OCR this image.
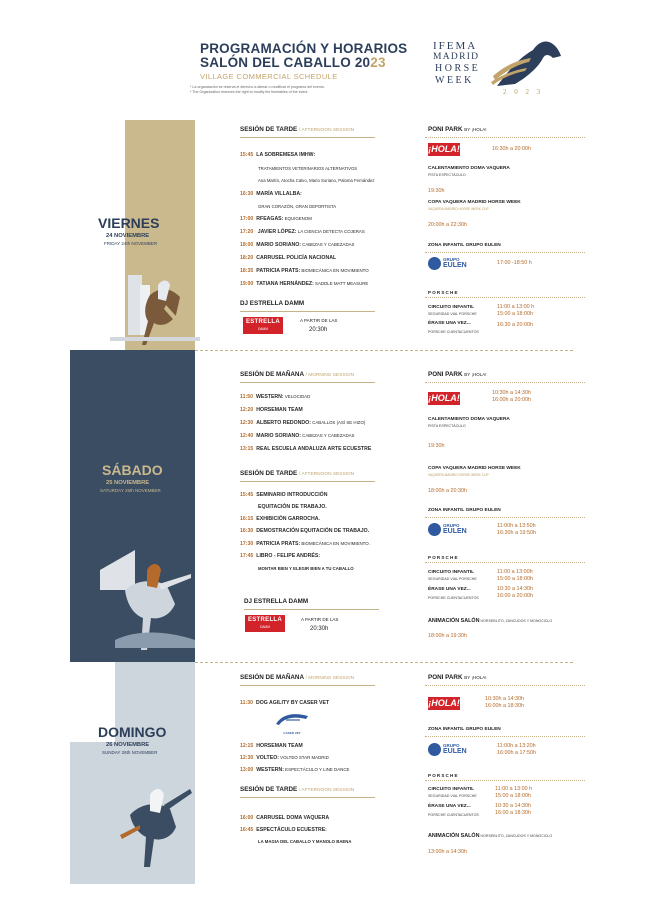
PROGRAMACIÓN Y HORARIOS
SALÓN DEL CABALLO 2023
VILLAGE COMMERCIAL SCHEDULE
* La organización se reserva el derecho a alterar o modificar el programa del evento.
* The Organization reserves the right to modify the timetables of the event.
IFEMA
MADRID
HORSE
WEEK
2 0 2 3
VIERNES
24 NOVIEMBRE
FRIDAY 24th NOVEMBER
SÁBADO
25 NOVIEMBRE
SATURDAY 25th NOVEMBER
DOMINGO
26 NOVIEMBRE
SUNDAY 26th NOVEMBER
SESIÓN DE TARDE / AFTERNOON SESSION
15:45 LA SOBREMESA IMHW:
TRATAMIENTOS VETERINARIOS ALTERNATIVOS
Ana Martín, Atocha Calvo, Mario Soriano, Paloma Fernández
16:30 MARÍA VILLALBA:
GRAN CORAZÓN, GRAN DEPORTISTA
17:00 RFEAGAS: EQUIGENOM
17:20 JAVIER LÓPEZ: LA CIENCIA DETECTA COJERAS
18:00 MARIO SORIANO: CABEZAS Y CABEZADAS
18:20 CARRUSEL POLICÍA NACIONAL
18:35 PATRICIA PRATS: BIOMECÁNICA EN MOVIMIENTO
19:00 TATIANA HERNÁNDEZ: SADDLE MATT MEASURE
DJ ESTRELLA DAMM
ESTRELLA
DAMM
A PARTIR DE LAS
20:30h
PONI PARK BY ¡HOLA!
¡HOLA!	16:30h a 20:00h
CALENTAMIENTO DOMA VAQUERA
PISTA ESPECTÁCULO
19:30h
COPA VAQUERA MADRID HORSE WEEK
VAQUERA MADRID HORSE WEEK CUP
20:00h a 22:30h
ZONA INFANTIL GRUPO EULEN
GRUPO
EULEN	17:00 -18:50 h
PORSCHE
CIRCUITO INFANTIL
SEGURIDAD VIAL PORSCHE
11:00 a 13:00 h
15:00 a 18:00h
ÉRASE UNA VEZ...
PORSCHE CUENTACUENTOS
16:30 a 20:00h
SESIÓN DE MAÑANA / MORNING SESSION
11:50 WESTERN: VELOCIDAD
12:20 HORSEMAN TEAM
12:30 ALBERTO REDONDO: CABALLOS (ASÍ SE HIZO)
12:40 MARIO SORIANO: CABEZAS Y CABEZADAS
13:15 REAL ESCUELA ANDALUZA ARTE ECUESTRE
SESIÓN DE TARDE / AFTERNOON SESSION
15:45 SEMINARIO INTRODUCCIÓN
EQUITACIÓN DE TRABAJO.
16:15 EXHIBICIÓN GARROCHA.
16:30 DEMOSTRACIÓN EQUITACIÓN DE TRABAJO.
17:30 PATRICIA PRATS: BIOMECÁNICA EN MOVIMIENTO.
17:45 LIBRO - FELIPE ANDRÉS:
MONTAR BIEN Y ELEGIR BIEN A TU CABALLO
DJ ESTRELLA DAMM
ESTRELLA
DAMM
A PARTIR DE LAS
20:30h
PONI PARK BY ¡HOLA!
¡HOLA!	10:30h a 14:30h
16:00h a 20:00h
CALENTAMIENTO DOMA VAQUERA
PISTA ESPECTÁCULO
19:30h
COPA VAQUERA MADRID HORSE WEEK
VAQUERA MADRID HORSE WEEK CUP
18:00h a 20:30h
ZONA INFANTIL GRUPO EULEN
GRUPO
EULEN
11:00h a 13:50h
16:30h a 19:50h
PORSCHE
CIRCUITO INFANTIL
SEGURIDAD VIAL PORSCHE
11:00 a 13:00h
15:00 a 18:00h
ÉRASE UNA VEZ...
PORSCHE CUENTACUENTOS
10:30 a 14:30h
16:00 a 20:00h
ANIMACIÓN SALÓN HORSEBLITO, ZANCUDOS Y MONOCICLO
18:00h a 19:30h
SESIÓN DE MAÑANA / MORNING SESSION
11:30 DOG AGILITY BY CASER VET
CASER VET
12:15 HORSEMAN TEAM
12:30 VOLTEO: VOLTEO STAR MADRID
13:00 WESTERN: ESPECTÁCULO Y LINE DANCE
SESIÓN DE TARDE / AFTERNOON SESSION
16:00 CARRUSEL DOMA VAQUERA
16:45 ESPECTÁCULO ECUESTRE:
LA MAGIA DEL CABALLO Y MANOLO BAENA
PONI PARK BY ¡HOLA!
¡HOLA!	10:30h a 14:30h
16:00h a 18:30h
ZONA INFANTIL GRUPO EULEN
GRUPO
EULEN
11:00h a 13:20h
16:00h a 17:50h
PORSCHE
CIRCUITO INFANTIL
SEGURIDAD VIAL PORSCHE
11:00 a 13:00 h
15:00 a 18:00h
ÉRASE UNA VEZ...
PORSCHE CUENTACUENTOS
10:30 a 14:30h
16:00 a 18:30h
ANIMACIÓN SALÓN HORSEBLITO, ZANCUDOS Y MONOCICLO
13:00h a 14:30h
